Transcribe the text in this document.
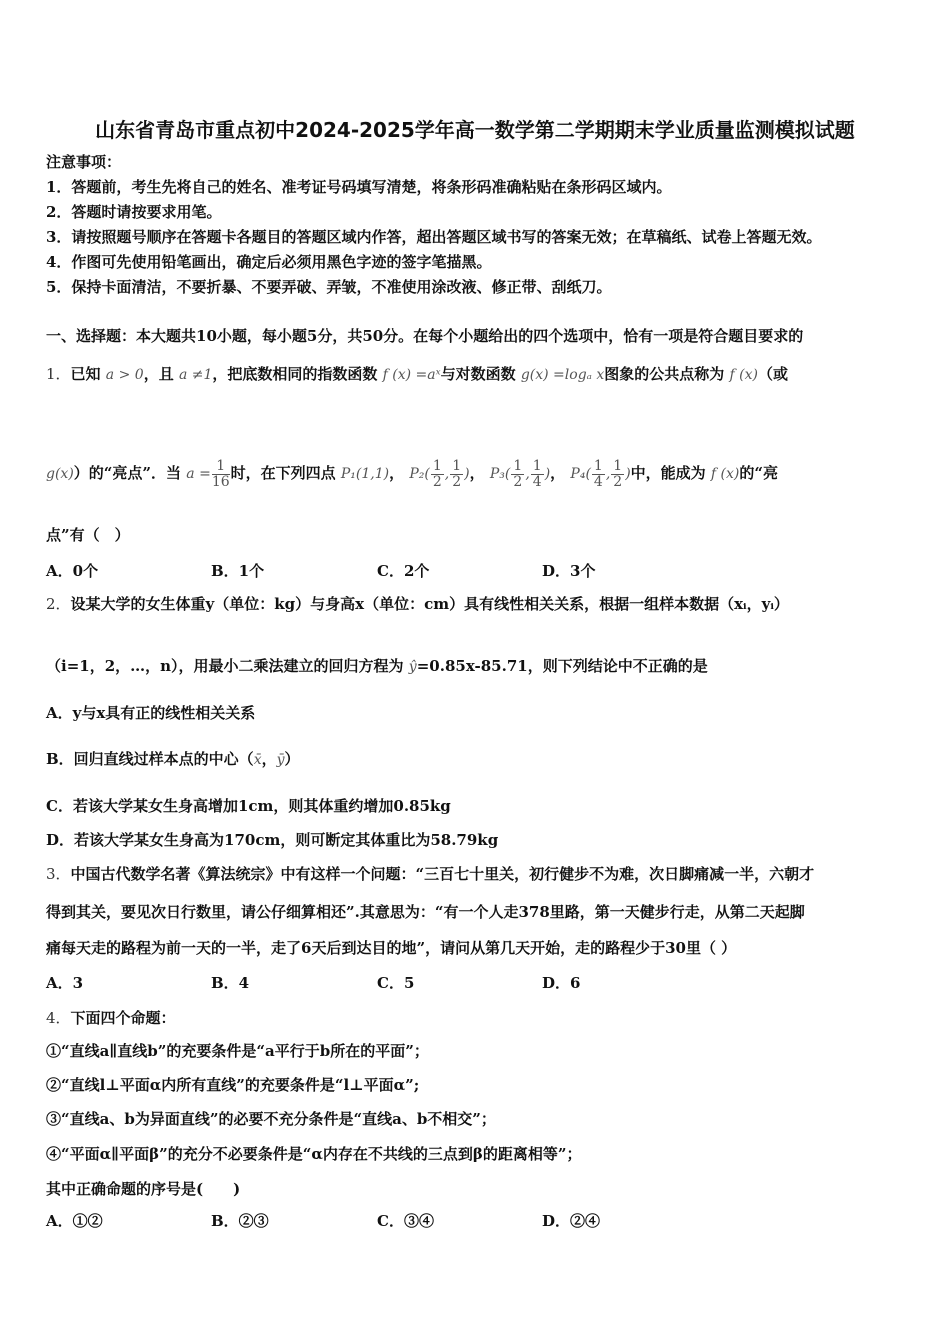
山东省青岛市重点初中2024-2025学年高一数学第二学期期末学业质量监测模拟试题
注意事项：
1．答题前，考生先将自己的姓名、准考证号码填写清楚，将条形码准确粘贴在条形码区域内。
2．答题时请按要求用笔。
3．请按照题号顺序在答题卡各题目的答题区域内作答，超出答题区域书写的答案无效；在草稿纸、试卷上答题无效。
4．作图可先使用铅笔画出，确定后必须用黑色字迹的签字笔描黑。
5．保持卡面清洁，不要折暴、不要弄破、弄皱，不准使用涂改液、修正带、刮纸刀。
一、选择题：本大题共10小题，每小题5分，共50分。在每个小题给出的四个选项中，恰有一项是符合题目要求的
1．已知 a > 0，且 a ≠1，把底数相同的指数函数 f (x) =aˣ与对数函数 g(x) =logₐ x图象的公共点称为 f (x)（或
g(x)）的“亮点”．当 $a = \frac{1}{16}$ 时，在下列四点 P₁(1,1)， $P_2( \frac{1}{2}$ , $\frac{1}{2}$ )， $P_3( \frac{1}{2}$ , $\frac{1}{4}$ )， $P_4( \frac{1}{4}$ , $\frac{1}{2}$ )中，能成为 f (x)的“亮
点”有（　）
A．0个	B．1个	C．2个	D．3个
2．设某大学的女生体重y（单位：kg）与身高x（单位：cm）具有线性相关关系，根据一组样本数据（xᵢ，yᵢ）
（i=1，2，…，n），用最小二乘法建立的回归方程为 ŷ=0.85x-85.71，则下列结论中不正确的是
A．y与x具有正的线性相关关系
B．回归直线过样本点的中心（x̄，ȳ）
C．若该大学某女生身高增加1cm，则其体重约增加0.85kg
D．若该大学某女生身高为170cm，则可断定其体重比为58.79kg
3．中国古代数学名著《算法统宗》中有这样一个问题：“三百七十里关，初行健步不为难，次日脚痛减一半，六朝才
得到其关，要见次日行数里，请公仔细算相还”.其意思为：“有一个人走378里路，第一天健步行走，从第二天起脚
痛每天走的路程为前一天的一半，走了6天后到达目的地”，请问从第几天开始，走的路程少于30里（ ）
A．3	B．4	C．5	D．6
4．下面四个命题：
①“直线a∥直线b”的充要条件是“a平行于b所在的平面”；
②“直线l⊥平面α内所有直线”的充要条件是“l⊥平面α”;
③“直线a、b为异面直线”的必要不充分条件是“直线a、b不相交”；
④“平面α∥平面β”的充分不必要条件是“α内存在不共线的三点到β的距离相等”；
其中正确命题的序号是(　　)
A．①②	B．②③	C．③④	D．②④
